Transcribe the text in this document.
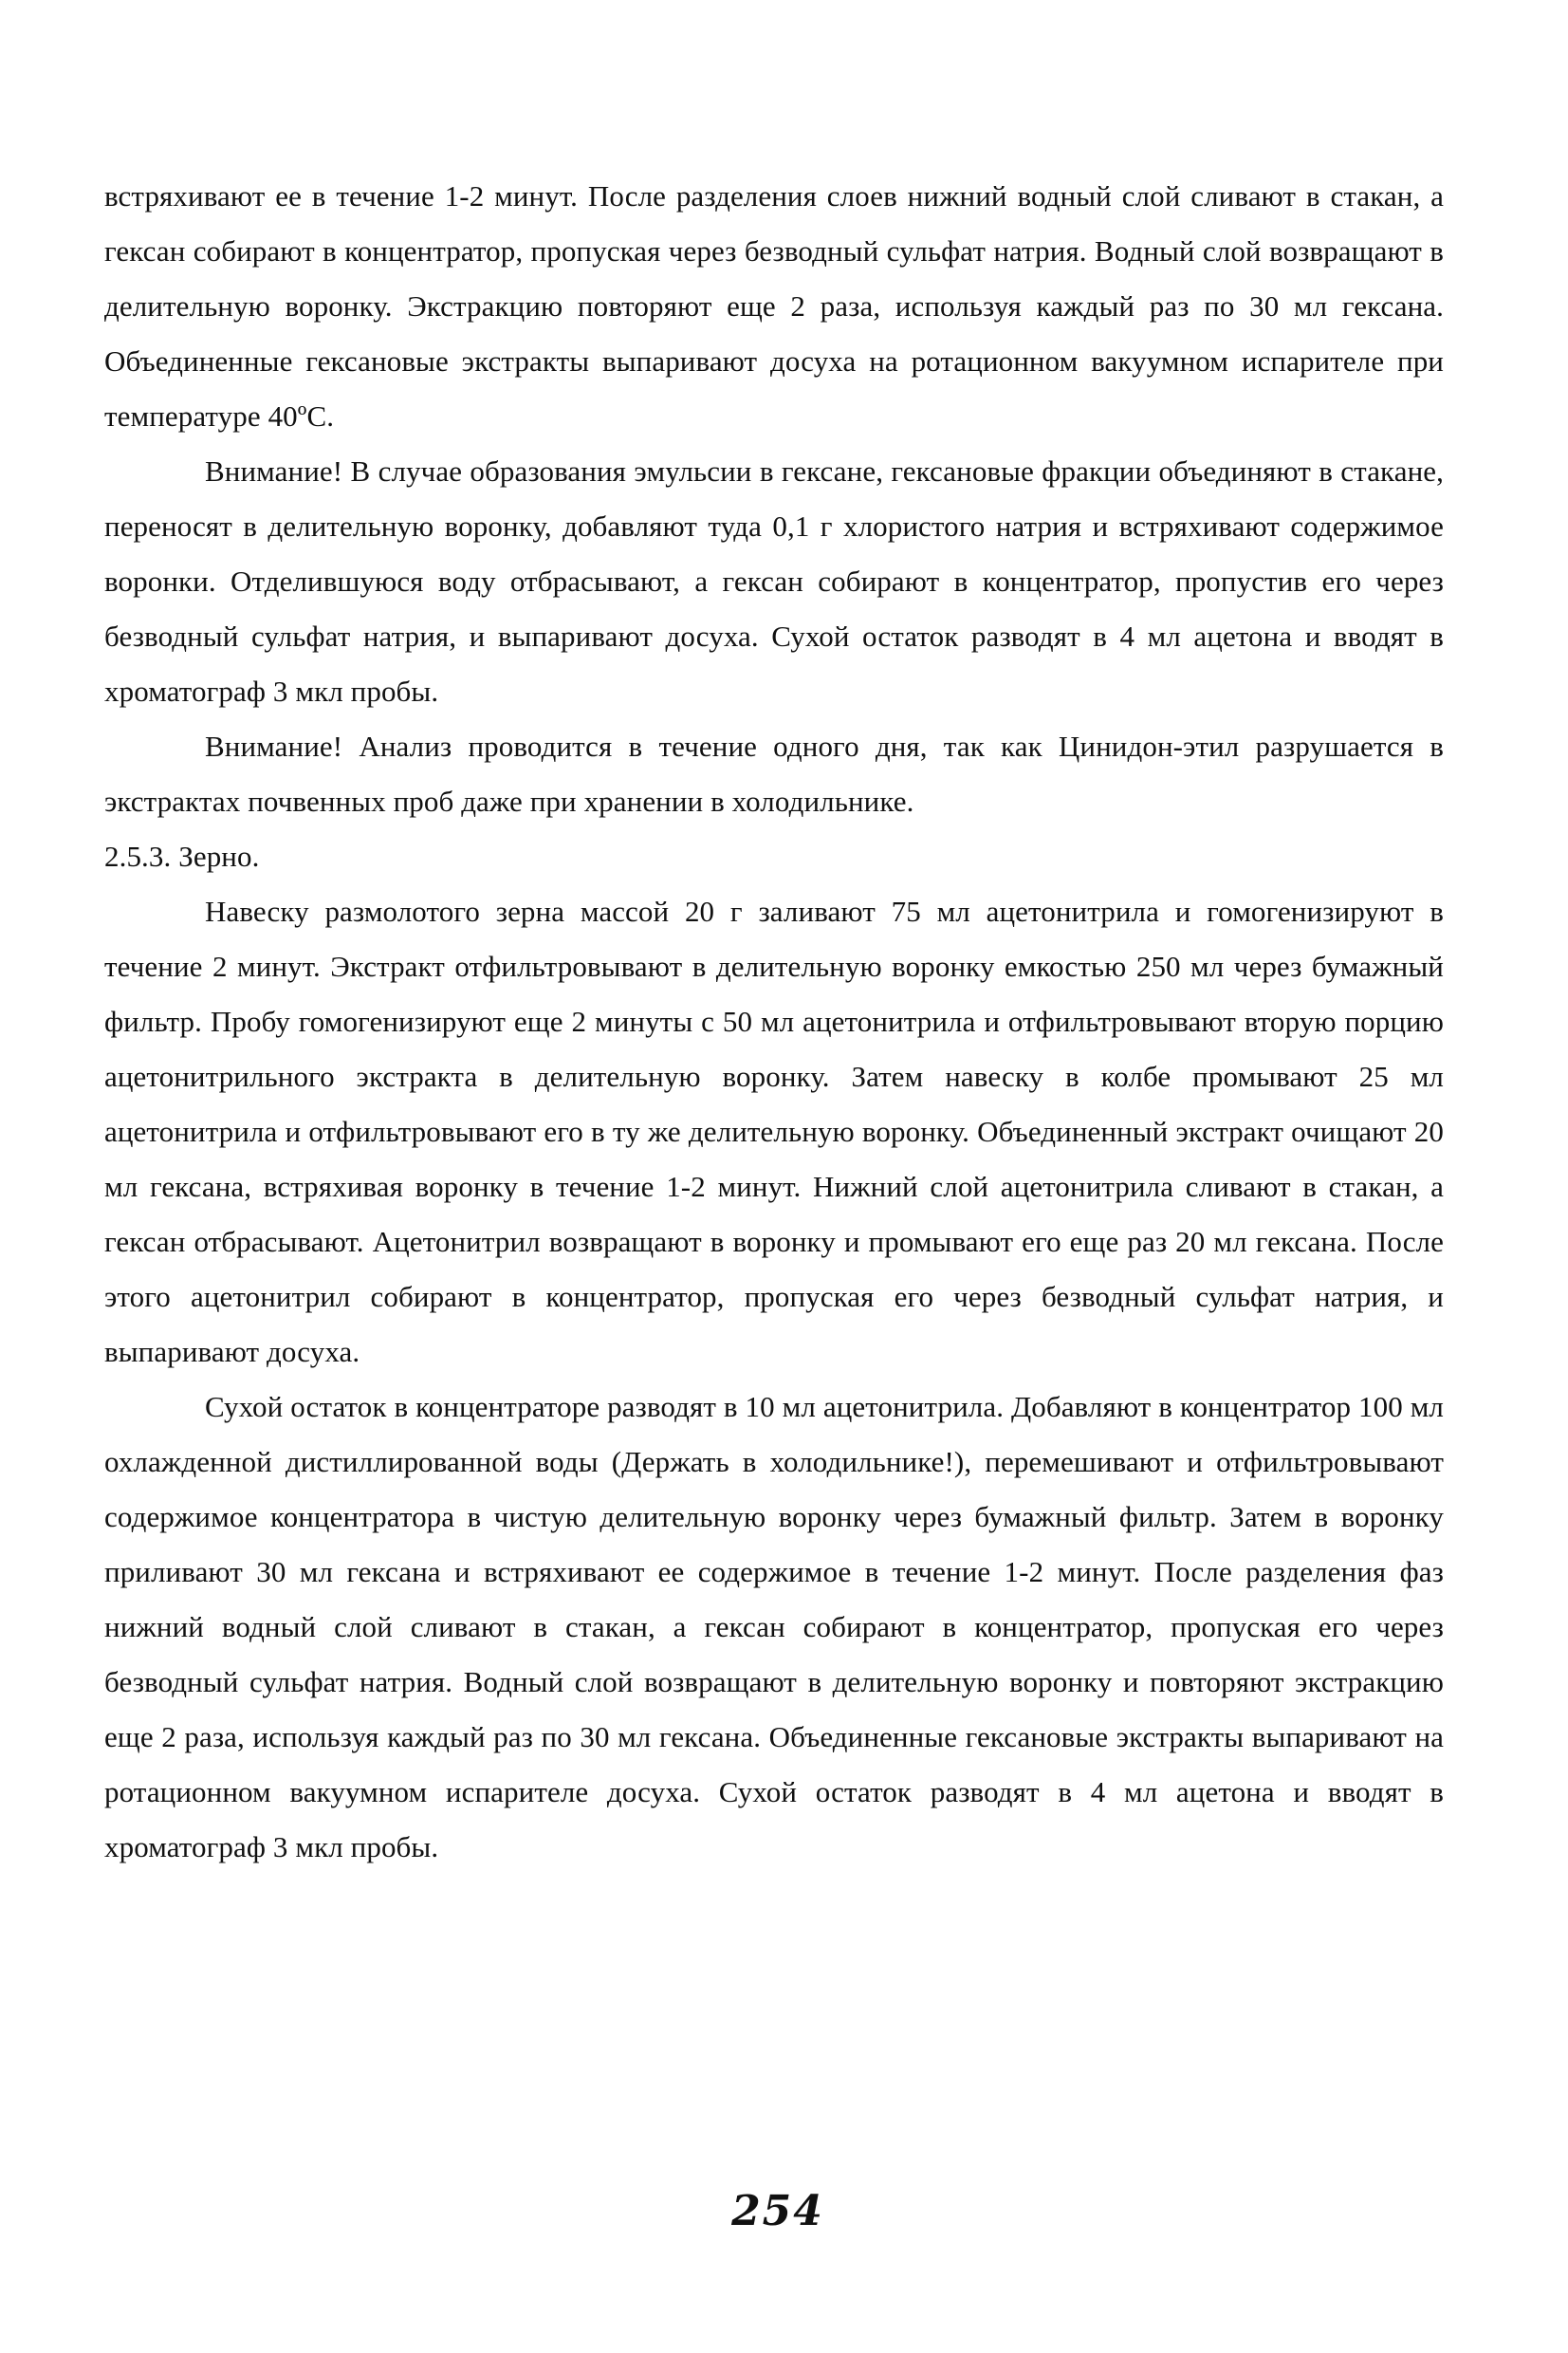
встряхивают ее в течение 1-2 минут. После разделения слоев нижний водный слой сливают в стакан, а гексан собирают в концентратор, пропуская через безводный сульфат натрия. Водный слой возвращают в делительную воронку. Экстракцию повторяют еще 2 раза, используя каждый раз по 30 мл гексана. Объединенные гексановые экстракты выпаривают досуха на ротационном вакуумном испарителе при температуре 40ºС.

Внимание! В случае образования эмульсии в гексане, гексановые фракции объединяют в стакане, переносят в делительную воронку, добавляют туда 0,1 г хлористого натрия и встряхивают содержимое воронки. Отделившуюся воду отбрасывают, а гексан собирают в концентратор, пропустив его через безводный сульфат натрия, и выпаривают досуха. Сухой остаток разводят в 4 мл ацетона и вводят в хроматограф 3 мкл пробы.

Внимание! Анализ проводится в течение одного дня, так как Цинидон-этил разрушается в экстрактах почвенных проб даже при хранении в холодильнике.

2.5.3. Зерно.

Навеску размолотого зерна массой 20 г заливают 75 мл ацетонитрила и гомогенизируют в течение 2 минут. Экстракт отфильтровывают в делительную воронку емкостью 250 мл через бумажный фильтр. Пробу гомогенизируют еще 2 минуты с 50 мл ацетонитрила и отфильтровывают вторую порцию ацетонитрильного экстракта в делительную воронку. Затем навеску в колбе промывают 25 мл ацетонитрила и отфильтровывают его в ту же делительную воронку. Объединенный экстракт очищают 20 мл гексана, встряхивая воронку в течение 1-2 минут. Нижний слой ацетонитрила сливают в стакан, а гексан отбрасывают. Ацетонитрил возвращают в воронку и промывают его еще раз 20 мл гексана. После этого ацетонитрил собирают в концентратор, пропуская его через безводный сульфат натрия, и выпаривают досуха.

Сухой остаток в концентраторе разводят в 10 мл ацетонитрила. Добавляют в концентратор 100 мл охлажденной дистиллированной воды (Держать в холодильнике!), перемешивают и отфильтровывают содержимое концентратора в чистую делительную воронку через бумажный фильтр. Затем в воронку приливают 30 мл гексана и встряхивают ее содержимое в течение 1-2 минут. После разделения фаз нижний водный слой сливают в стакан, а гексан собирают в концентратор, пропуская его через безводный сульфат натрия. Водный слой возвращают в делительную воронку и повторяют экстракцию еще 2 раза, используя каждый раз по 30 мл гексана. Объединенные гексановые экстракты выпаривают на ротационном вакуумном испарителе досуха. Сухой остаток разводят в 4 мл ацетона и вводят в хроматограф 3 мкл пробы.

254
